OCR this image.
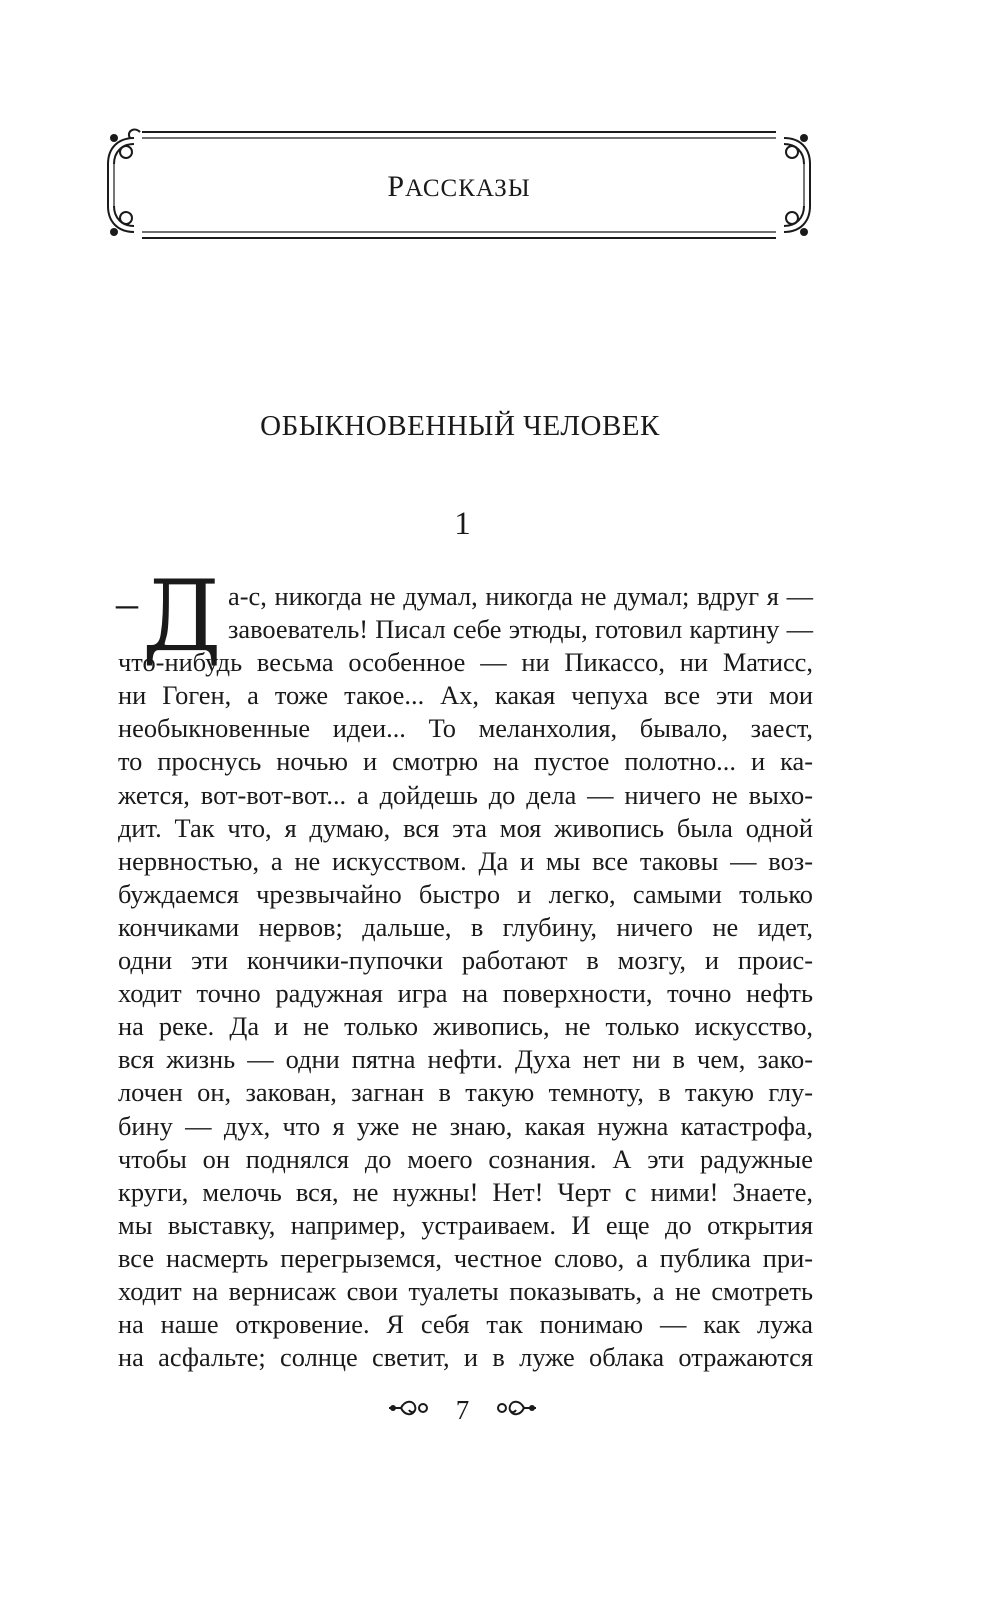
РАССКАЗЫ
ОБЫКНОВЕННЫЙ ЧЕЛОВЕК
1
– Д а-с, никогда не думал, никогда не думал; вдруг я —
завоеватель! Писал себе этюды, готовил картину —
что-нибудь весьма особенное — ни Пикассо, ни Матисс,
ни Гоген, а тоже такое... Ах, какая чепуха все эти мои
необыкновенные идеи... То меланхолия, бывало, заест,
то проснусь ночью и смотрю на пустое полотно... и ка-
жется, вот-вот-вот... а дойдешь до дела — ничего не выхо-
дит. Так что, я думаю, вся эта моя живопись была одной
нервностью, а не искусством. Да и мы все таковы — воз-
буждаемся чрезвычайно быстро и легко, самыми только
кончиками нервов; дальше, в глубину, ничего не идет,
одни эти кончики-пупочки работают в мозгу, и проис-
ходит точно радужная игра на поверхности, точно нефть
на реке. Да и не только живопись, не только искусство,
вся жизнь — одни пятна нефти. Духа нет ни в чем, зако-
лочен он, закован, загнан в такую темноту, в такую глу-
бину — дух, что я уже не знаю, какая нужна катастрофа,
чтобы он поднялся до моего сознания. А эти радужные
круги, мелочь вся, не нужны! Нет! Черт с ними! Знаете,
мы выставку, например, устраиваем. И еще до открытия
все насмерть перегрыземся, честное слово, а публика при-
ходит на вернисаж свои туалеты показывать, а не смотреть
на наше откровение. Я себя так понимаю — как лужа
на асфальте; солнце светит, и в луже облака отражаются
7
